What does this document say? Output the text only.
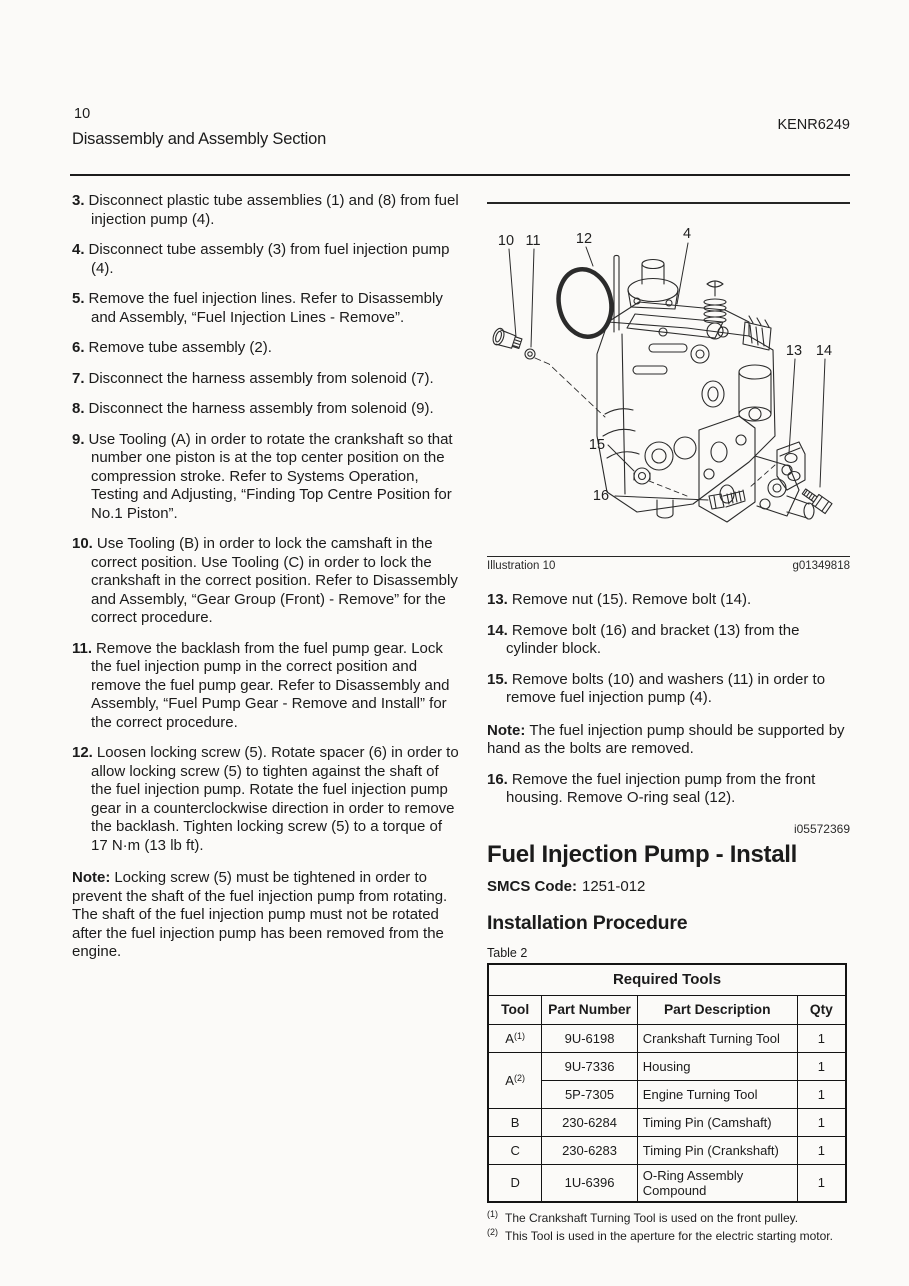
10
Disassembly and Assembly Section
KENR6249
3. Disconnect plastic tube assemblies (1) and (8) from fuel injection pump (4).
4. Disconnect tube assembly (3) from fuel injection pump (4).
5. Remove the fuel injection lines. Refer to Disassembly and Assembly, “Fuel Injection Lines - Remove”.
6. Remove tube assembly (2).
7. Disconnect the harness assembly from solenoid (7).
8. Disconnect the harness assembly from solenoid (9).
9. Use Tooling (A) in order to rotate the crankshaft so that number one piston is at the top center position on the compression stroke. Refer to Systems Operation, Testing and Adjusting, “Finding Top Centre Position for No.1 Piston”.
10. Use Tooling (B) in order to lock the camshaft in the correct position. Use Tooling (C) in order to lock the crankshaft in the correct position. Refer to Disassembly and Assembly, “Gear Group (Front) - Remove” for the correct procedure.
11. Remove the backlash from the fuel pump gear. Lock the fuel injection pump in the correct position and remove the fuel pump gear. Refer to Disassembly and Assembly, “Fuel Pump Gear - Remove and Install” for the correct procedure.
12. Loosen locking screw (5). Rotate spacer (6) in order to allow locking screw (5) to tighten against the shaft of the fuel injection pump. Rotate the fuel injection pump gear in a counterclockwise direction in order to remove the backlash. Tighten locking screw (5) to a torque of 17 N·m (13 lb ft).
Note: Locking screw (5) must be tightened in order to prevent the shaft of the fuel injection pump from rotating. The shaft of the fuel injection pump must not be rotated after the fuel injection pump has been removed from the engine.
10 11 12	4
13 14
15
16
Illustration 10	g01349818
13. Remove nut (15). Remove bolt (14).
14. Remove bolt (16) and bracket (13) from the cylinder block.
15. Remove bolts (10) and washers (11) in order to remove fuel injection pump (4).
Note: The fuel injection pump should be supported by hand as the bolts are removed.
16. Remove the fuel injection pump from the front housing. Remove O-ring seal (12).
i05572369
Fuel Injection Pump - Install
SMCS Code: 1251-012
Installation Procedure
Table 2
Required Tools			
Tool	Part Number	Part Description	Qty
A$^{(1)}$	9U-6198	Crankshaft Turning Tool	1
A$^{(2)}$	9U-7336	Housing	1
	5P-7305	Engine Turning Tool	1
B	230-6284	Timing Pin (Camshaft)	1
C	230-6283	Timing Pin (Crankshaft)	1
D	1U-6396	O-Ring Assembly Compound	1
$^{(1)}$ The Crankshaft Turning Tool is used on the front pulley.
$^{(2)}$ This Tool is used in the aperture for the electric starting motor.
